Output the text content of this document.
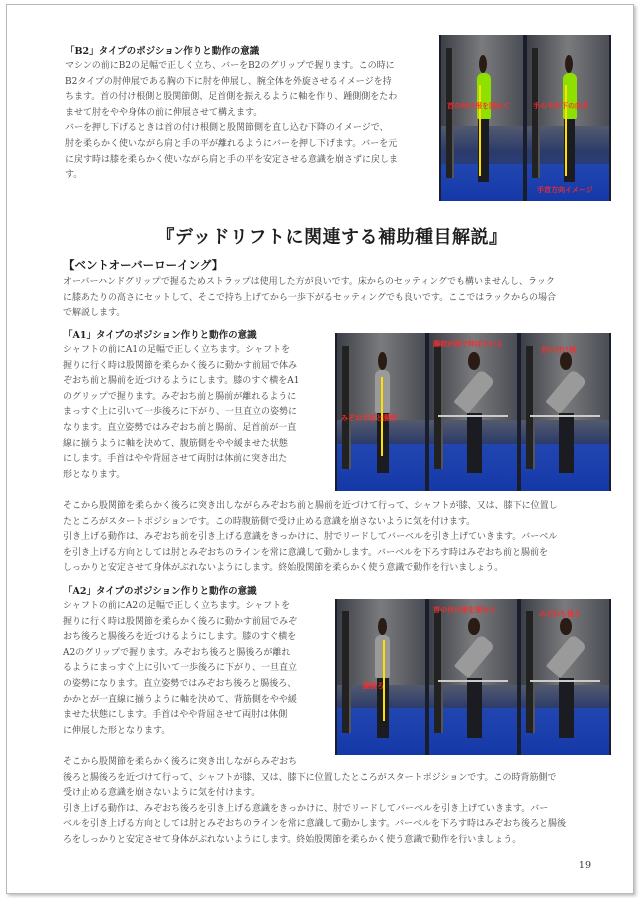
「B2」タイプのポジション作りと動作の意識

マシンの前にB2の足幅で正しく立ち、バーをB2のグリップで握ります。この時に

B2タイプの肘伸展である胸の下に肘を伸展し、腕全体を外旋させるイメージを持

ちます。首の付け根側と股関節側、足首側を振えるように軸を作り、踵側側をたわ

ませて肘をやや身体の前に伸展させて構えます。

バーを押し下げるときは首の付け根側と股関節側を直し込む下降のイメージで、

肘を柔らかく使いながら肩と手の平が離れるようにバーを押し下げます。バーを元

に戻す時は膝を柔らかく使いながら肩と手の平を安定させる意識を崩さずに戻しま

す。

首の付け根を固めて	手の平が下の向き
手首方向イメージ
『デッドリフトに関連する補助種目解説』
【ベントオーバーローイング】

オーバーハンドグリップで握るためストラップは使用した方が良いです。床からのセッティングでも構いませんし、ラック

に膝あたりの高さにセットして、そこで持ち上げてから一歩下がるセッティングでも良いです。ここではラックからの場合

で解説します。

「A1」タイプのポジション作りと動作の意識

シャフトの前にA1の足幅で正しく立ちます。シャフトを

握りに行く時は股関節を柔らかく後ろに動かす前屈で体み

ぞおち前と腸前を近づけるようにします。膝のすぐ横をA1

のグリップで握ります。みぞおち前と腸前が離れるように

まっすぐ上に引いて一歩後ろに下がり、一旦直立の姿勢に

なります。直立姿勢ではみぞおち前と腸前、足首前が一直

線に揃うように軸を決めて、腹筋側をやや緩ませた状態

にします。手首はやや背屈させて両肘は体前に突き出た

形となります。

みぞおち前と腸前
腸前が前で伸ばされる
首の付け根

そこから股関節を柔らかく後ろに突き出しながらみぞおち前と腸前を近づけて行って、シャフトが膝、又は、膝下に位置し

たところがスタートポジションです。この時腹筋側で受け止める意識を崩さないように気を付けます。

引き上げる動作は、みぞおち前を引き上げる意識をきっかけに、肘でリードしてバーベルを引き上げていきます。バーベル

を引き上げる方向としては肘とみぞおちのラインを常に意識して動かします。バーベルを下ろす時はみぞおち前と腸前を

しっかりと安定させて身体がぶれないようにします。終始股関節を柔らかく使う意識で動作を行いましょう。

「A2」タイプのポジション作りと動作の意識

シャフトの前にA2の足幅で正しく立ちます。シャフトを

握りに行く時は股関節を柔らかく後ろに動かす前屈でみぞ

おち後ろと腸後ろを近づけるようにします。膝のすぐ横を

A2のグリップで握ります。みぞおち後ろと腸後ろが離れ

るようにまっすぐ上に引いて一歩後ろに下がり、一旦直立

の姿勢になります。直立姿勢ではみぞおち後ろと腸後ろ、

かかとが一直線に揃うように軸を決めて、背筋側をやや緩

ませた状態にします。手首はやや背屈させて両肘は体側

に伸展した形となります。

腸後ろ
首の付け根を固める	みぞおち後ろ

そこから股関節を柔らかく後ろに突き出しながらみぞおち

後ろと腸後ろを近づけて行って、シャフトが膝、又は、膝下に位置したところがスタートポジションです。この時背筋側で

受け止める意識を崩さないように気を付けます。

引き上げる動作は、みぞおち後ろを引き上げる意識をきっかけに、肘でリードしてバーベルを引き上げていきます。バー

ベルを引き上げる方向としては肘とみぞおちのラインを常に意識して動かします。バーベルを下ろす時はみぞおち後ろと腸後

ろをしっかりと安定させて身体がぶれないようにします。終始股関節を柔らかく使う意識で動作を行いましょう。

19
